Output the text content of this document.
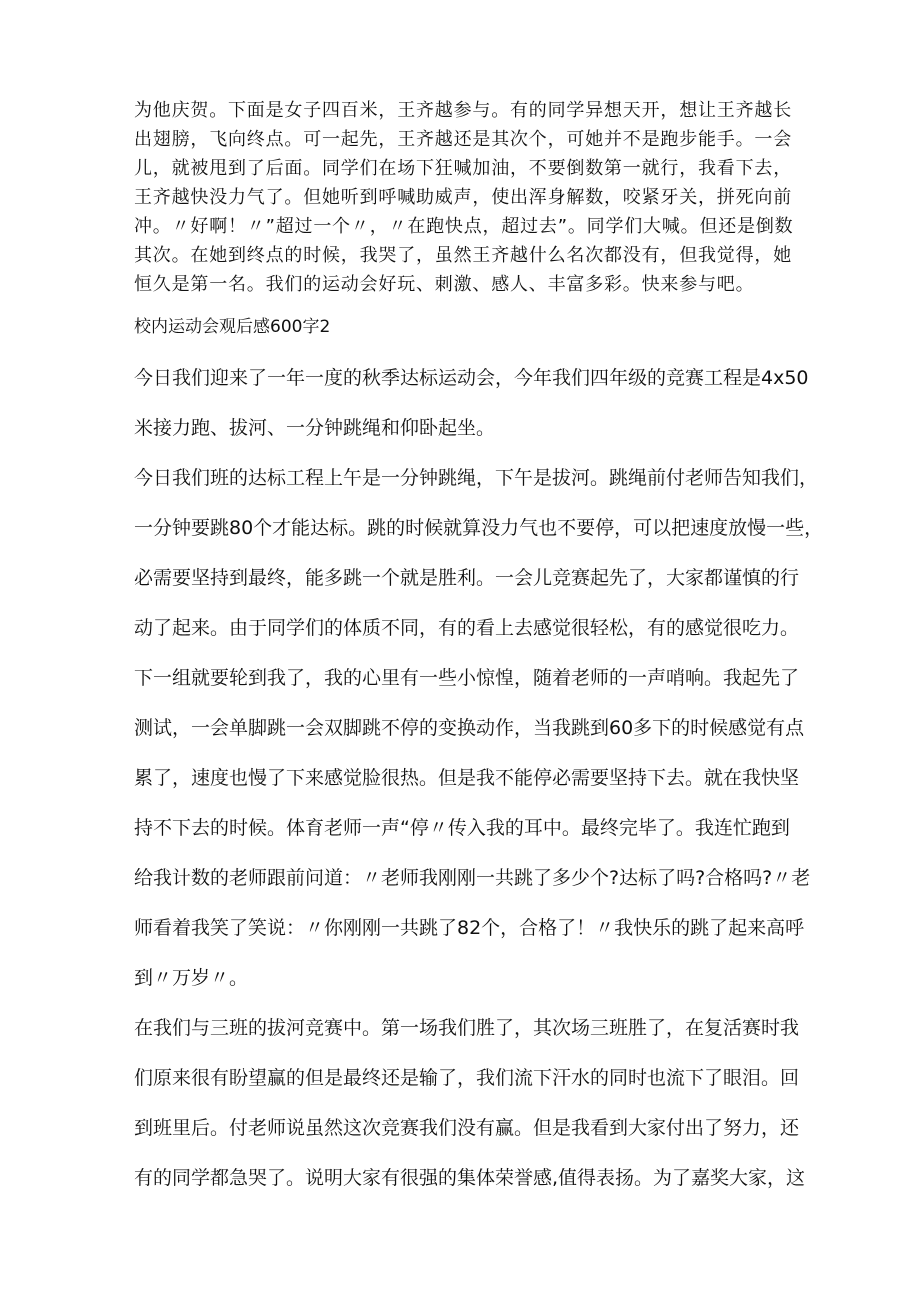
为他庆贺。下面是女子四百米，王齐越参与。有的同学异想天开，想让王齐越长
出翅膀，飞向终点。可一起先，王齐越还是其次个，可她并不是跑步能手。一会
儿，就被甩到了后面。同学们在场下狂喊加油，不要倒数第一就行，我看下去，
王齐越快没力气了。但她听到呼喊助威声，使出浑身解数，咬紧牙关，拼死向前
冲。〃好啊！〃”超过一个〃，〃在跑快点，超过去”。同学们大喊。但还是倒数
其次。在她到终点的时候，我哭了，虽然王齐越什么名次都没有，但我觉得，她
恒久是第一名。我们的运动会好玩、刺激、感人、丰富多彩。快来参与吧。
校内运动会观后感600字2
今日我们迎来了一年一度的秋季达标运动会，今年我们四年级的竞赛工程是4x50
米接力跑、拔河、一分钟跳绳和仰卧起坐。
今日我们班的达标工程上午是一分钟跳绳，下午是拔河。跳绳前付老师告知我们，
一分钟要跳80个才能达标。跳的时候就算没力气也不要停，可以把速度放慢一些，
必需要坚持到最终，能多跳一个就是胜利。一会儿竞赛起先了，大家都谨慎的行
动了起来。由于同学们的体质不同，有的看上去感觉很轻松，有的感觉很吃力。
下一组就要轮到我了，我的心里有一些小惊惶，随着老师的一声哨响。我起先了
测试，一会单脚跳一会双脚跳不停的变换动作，当我跳到60多下的时候感觉有点
累了，速度也慢了下来感觉脸很热。但是我不能停必需要坚持下去。就在我快坚
持不下去的时候。体育老师一声“停〃传入我的耳中。最终完毕了。我连忙跑到
给我计数的老师跟前问道：〃老师我刚刚一共跳了多少个?达标了吗?合格吗?〃老
师看着我笑了笑说：〃你刚刚一共跳了82个，合格了！〃我快乐的跳了起来高呼
到〃万岁〃。
在我们与三班的拔河竞赛中。第一场我们胜了，其次场三班胜了，在复活赛时我
们原来很有盼望赢的但是最终还是输了，我们流下汗水的同时也流下了眼泪。回
到班里后。付老师说虽然这次竞赛我们没有赢。但是我看到大家付出了努力，还
有的同学都急哭了。说明大家有很强的集体荣誉感,值得表扬。为了嘉奖大家，这
